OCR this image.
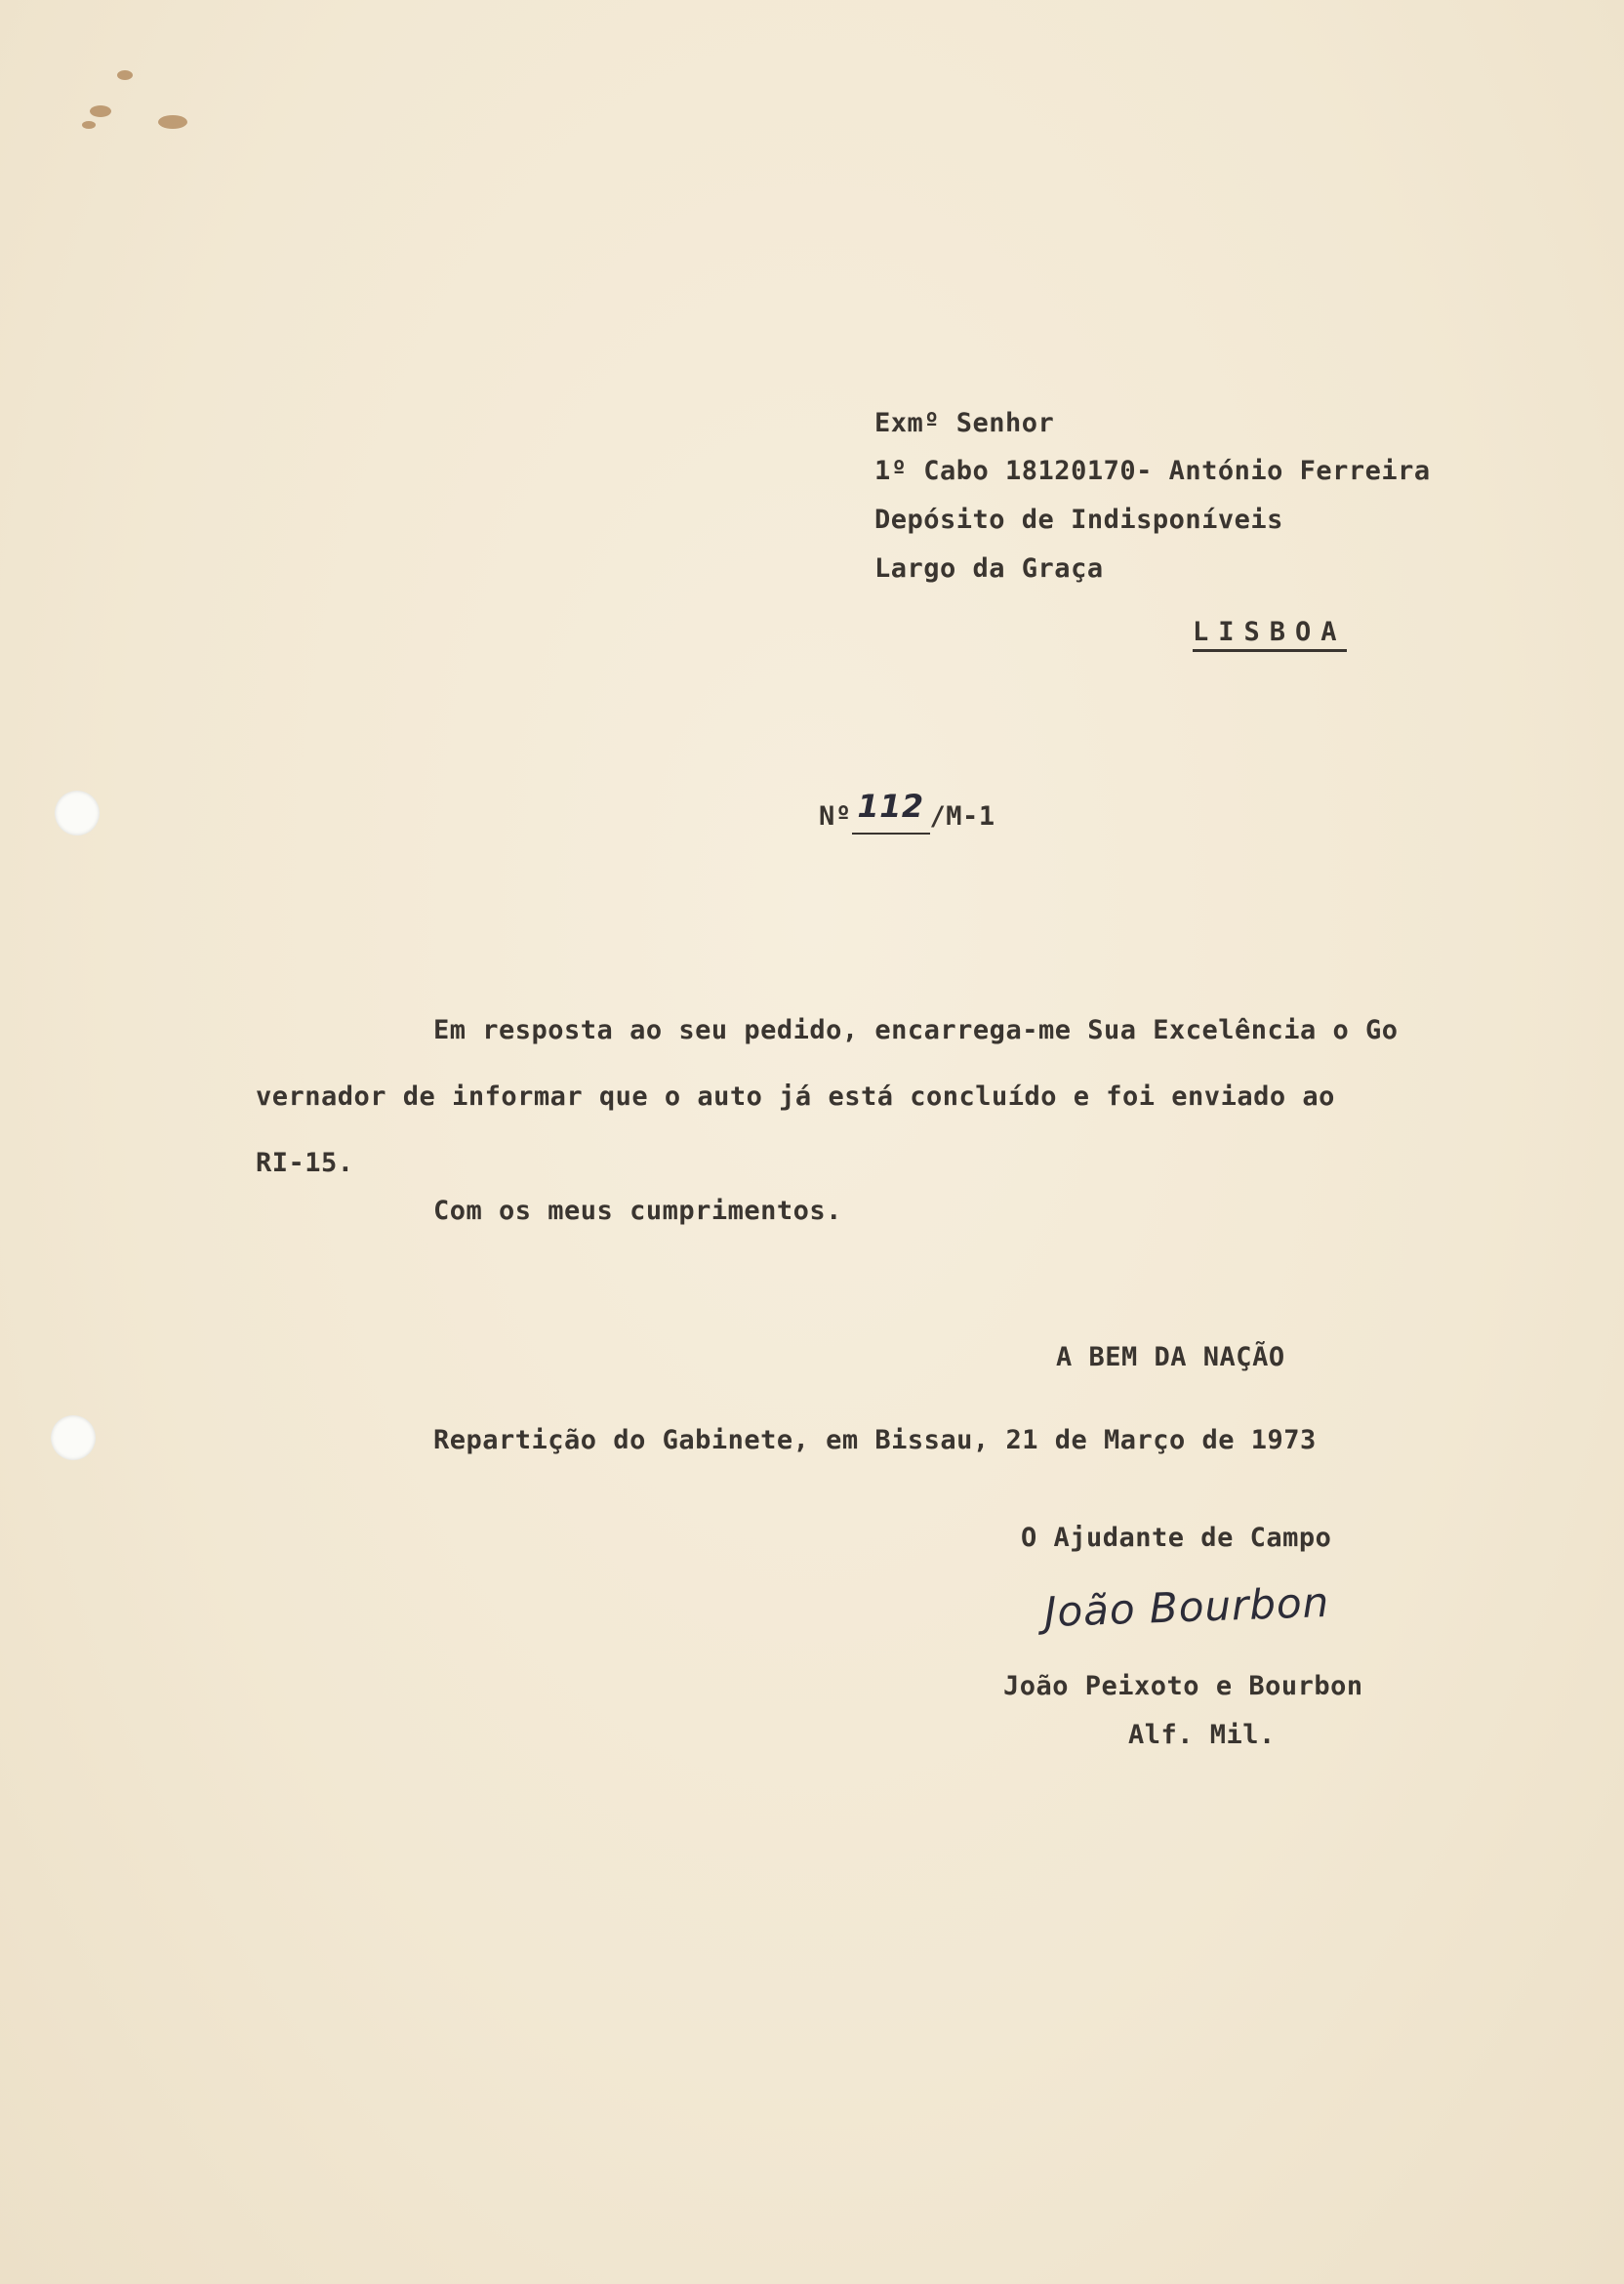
Exmº Senhor
1º Cabo 18120170- António Ferreira
Depósito de Indisponíveis
Largo da Graça
LISBOA

Nº 112 /M-1

Em resposta ao seu pedido, encarrega-me Sua Excelência o Go
vernador de informar que o auto já está concluído e foi enviado ao
RI-15.
Com os meus cumprimentos.
A BEM DA NAÇÃO
Repartição do Gabinete, em Bissau, 21 de Março de 1973
O Ajudante de Campo
João Bourbon
João Peixoto e Bourbon
Alf. Mil.
